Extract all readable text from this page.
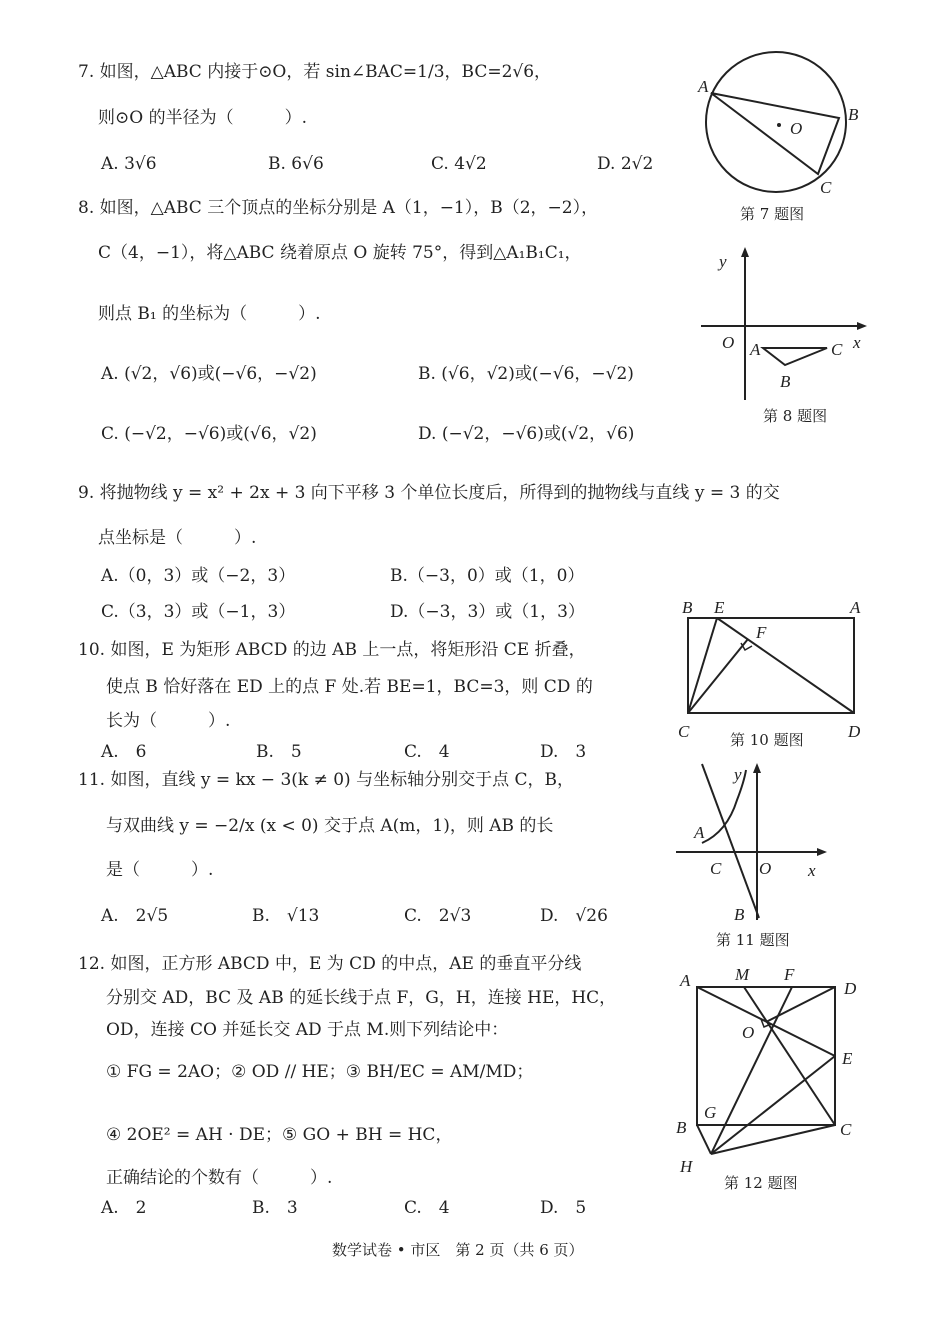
7. 如图，△ABC 内接于⊙O，若 sin∠BAC=1/3，BC=2√6，
则⊙O 的半径为（　　　）.
A. 3√6	B. 6√6	C. 4√2	D. 2√2
A
B
C
O
第 7 题图
8. 如图，△ABC 三个顶点的坐标分别是 A（1，−1），B（2，−2），
C（4，−1），将△ABC 绕着原点 O 旋转 75°，得到△A₁B₁C₁，
则点 B₁ 的坐标为（　　　）.
A. (√2，√6)或(−√6，−√2)	B. (√6，√2)或(−√6，−√2)
C. (−√2，−√6)或(√6，√2)	D. (−√2，−√6)或(√2，√6)
y
O A	C x
B
第 8 题图
9. 将抛物线 y = x² + 2x + 3 向下平移 3 个单位长度后，所得到的抛物线与直线 y = 3 的交
点坐标是（　　　）.
A.（0，3）或（−2，3）	B.（−3，0）或（1，0）
C.（3，3）或（−1，3）	D.（−3，3）或（1，3）
10. 如图，E 为矩形 ABCD 的边 AB 上一点，将矩形沿 CE 折叠，
使点 B 恰好落在 ED 上的点 F 处.若 BE=1，BC=3，则 CD 的
长为（　　　）.
A.　6	B.　5	C.　4	D.　3
B E	A
F
C	D
第 10 题图
11. 如图，直线 y = kx − 3(k ≠ 0) 与坐标轴分别交于点 C，B，
与双曲线 y = −2/x (x < 0) 交于点 A(m，1)，则 AB 的长
是（　　　）.
A.　2√5	B.　√13	C.　2√3	D.　√26
y
A
C O x
B
第 11 题图
12. 如图，正方形 ABCD 中，E 为 CD 的中点，AE 的垂直平分线
分别交 AD，BC 及 AB 的延长线于点 F，G，H，连接 HE，HC，
OD，连接 CO 并延长交 AD 于点 M.则下列结论中：
① FG = 2AO；② OD // HE；③ BH/EC = AM/MD；
④ 2OE² = AH · DE；⑤ GO + BH = HC，
正确结论的个数有（　　　）.
A.　2	B.　3	C.　4	D.　5
A	M F
D
O
E
G
B	C
H
第 12 题图
数学试卷 • 市区　第 2 页（共 6 页）
